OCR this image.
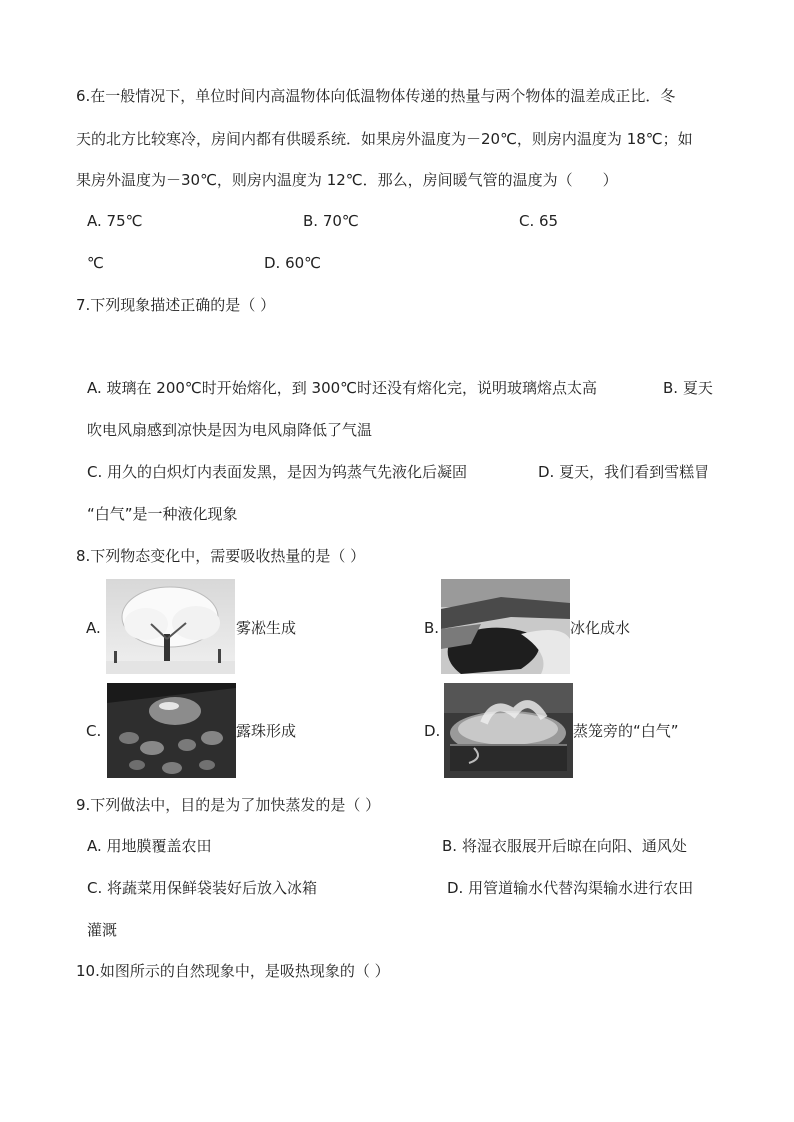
6.在一般情况下，单位时间内高温物体向低温物体传递的热量与两个物体的温差成正比．冬
天的北方比较寒冷，房间内都有供暖系统．如果房外温度为－20℃，则房内温度为 18℃；如
果房外温度为－30℃，则房内温度为 12℃．那么，房间暖气管的温度为（　　）
A. 75℃	B. 70℃	C. 65
℃	D. 60℃
7.下列现象描述正确的是（ ）
A. 玻璃在 200℃时开始熔化，到 300℃时还没有熔化完，说明玻璃熔点太高	B. 夏天
吹电风扇感到凉快是因为电风扇降低了气温
C. 用久的白炽灯内表面发黑，是因为钨蒸气先液化后凝固	D. 夏天，我们看到雪糕冒
“白气”是一种液化现象
8.下列物态变化中，需要吸收热量的是（ ）
A.	雾凇生成	B.	冰化成水
C.	露珠形成	D.	蒸笼旁的“白气”
9.下列做法中，目的是为了加快蒸发的是（ ）
A. 用地膜覆盖农田	B. 将湿衣服展开后晾在向阳、通风处
C. 将蔬菜用保鲜袋装好后放入冰箱	D. 用管道输水代替沟渠输水进行农田
灌溉
10.如图所示的自然现象中，是吸热现象的（ ）
